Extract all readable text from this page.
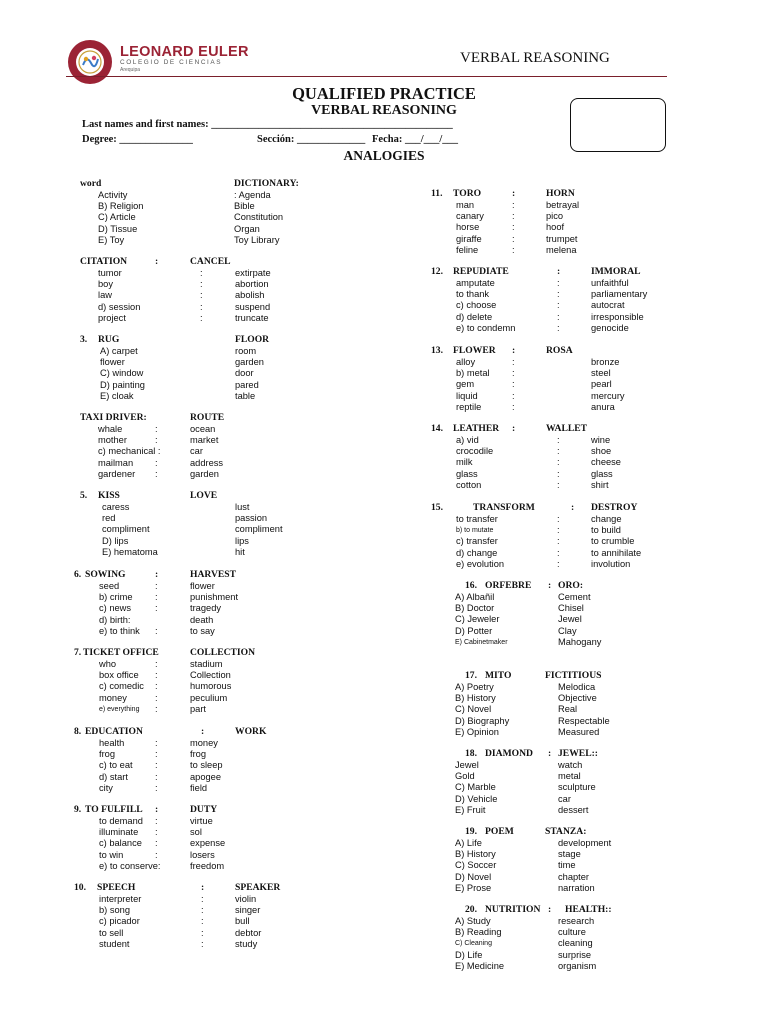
LEONARD EULER
COLEGIO DE CIENCIAS
Arequipa
VERBAL REASONING
QUALIFIED PRACTICE
VERBAL REASONING
Last names and first names: ______________________________________________
Degree: ______________	Sección: _____________ Fecha: ___/___/___
ANALOGIES
word	DICTIONARY:
Activity	: Agenda
B) Religion	Bible
C) Article	Constitution
D) Tissue	Organ
E) Toy	Toy Library
CITATION	:	CANCEL
tumor	:	extirpate
boy	:	abortion
law	:	abolish
d) session	:	suspend
project	:	truncate
3. RUG	FLOOR
A) carpet	room
flower	garden
C) window	door
D) painting	pared
E) cloak	table
TAXI DRIVER:	ROUTE
whale	:	ocean
mother	:	market
c) mechanical :	car
mailman :	address
gardener :	garden
5. KISS	LOVE
caress	lust
red	passion
compliment	compliment
D) lips	lips
E) hematoma	hit
6. SOWING	:	HARVEST
seed	:	flower
b) crime :	punishment
c) news	:	tragedy
d) birth:	death
e) to think :	to say
7. TICKET OFFICE	COLLECTION
who	:	stadium
box office :	Collection
c) comedic :	humorous
money	:	peculium
e) everything :	part
8. EDUCATION	:	WORK
health	:	money
frog	:	frog
c) to eat :	to sleep
d) start	:	apogee
city	:	field
9. TO FULFILL :	DUTY
to demand :	virtue
illuminate :	sol
c) balance :	expense
to win	:	losers
e) to conserve:	freedom
10. SPEECH	:	SPEAKER
interpreter	:	violin
b) song	:	singer
c) picador	:	bull
to sell	:	debtor
student	:	study
11. TORO	:	HORN
man	:	betrayal
canary	:	pico
horse	:	hoof
giraffe	:	trumpet
feline	:	melena
12. REPUDIATE	:	IMMORAL
amputate	:	unfaithful
to thank	:	parliamentary
c) choose	:	autocrat
d) delete	:	irresponsible
e) to condemn	:	genocide
13. FLOWER :	ROSA
alloy	:	bronze
b) metal :	steel
gem	:	pearl
liquid	:	mercury
reptile	:	anura
14. LEATHER :	WALLET
a) vid	:	wine
crocodile	:	shoe
milk	:	cheese
glass	:	glass
cotton	:	shirt
15.	TRANSFORM	: DESTROY
to transfer	:	change
b) to mutate	:	to build
c) transfer	:	to crumble
d) change	:	to annihilate
e) evolution	:	involution
16. ORFEBRE : ORO:
A) Albañil	Cement
B) Doctor	Chisel
C) Jeweler	Jewel
D) Potter	Clay
E) Cabinetmaker	Mahogany
17. MITO	FICTITIOUS
A) Poetry	Melodica
B) History	Objective
C) Novel	Real
D) Biography	Respectable
E) Opinion	Measured
18. DIAMOND : JEWEL::
Jewel	watch
Gold	metal
C) Marble	sculpture
D) Vehicle	car
E) Fruit	dessert
19. POEM	STANZA:
A) Life	development
B) History	stage
C) Soccer	time
D) Novel	chapter
E) Prose	narration
20. NUTRITION : HEALTH::
A) Study	research
B) Reading	culture
C) Cleaning	cleaning
D) Life	surprise
E) Medicine	organism
